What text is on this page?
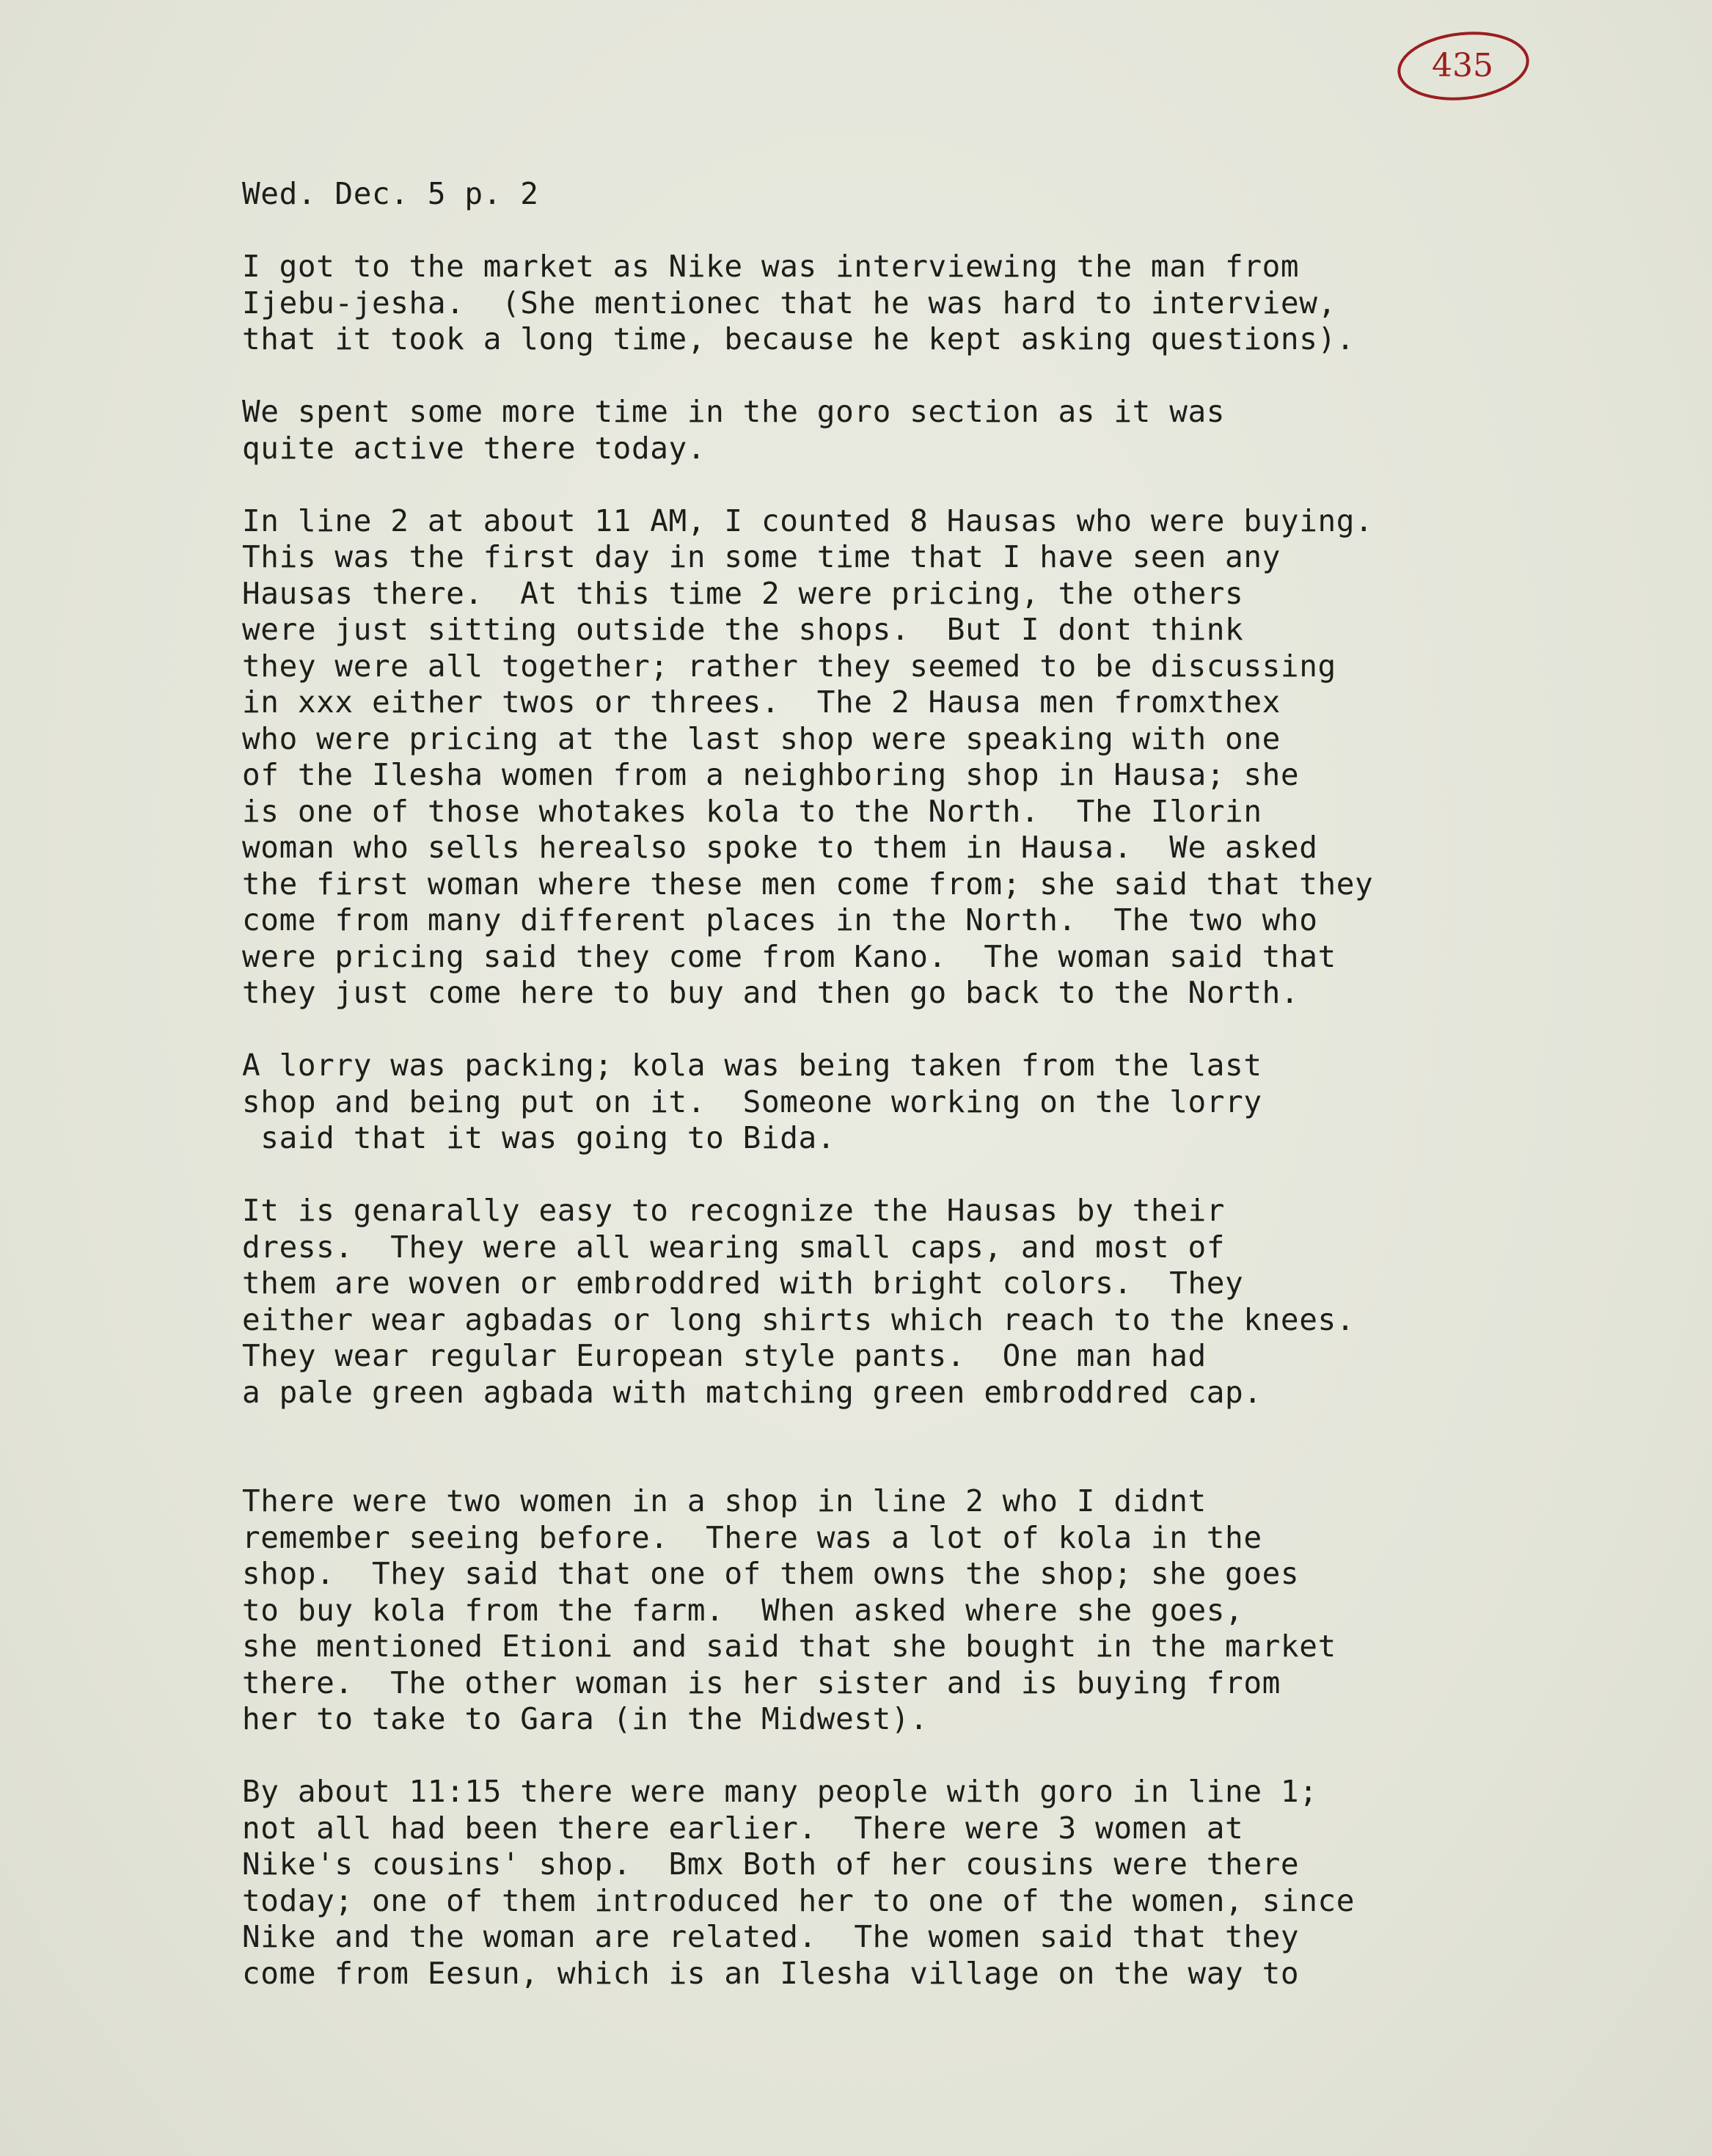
435
Wed. Dec. 5 p. 2
I got to the market as Nike was interviewing the man from
Ijebu-jesha.  (She mentionec that he was hard to interview,
that it took a long time, because he kept asking questions).
We spent some more time in the goro section as it was
quite active there today.
In line 2 at about 11 AM, I counted 8 Hausas who were buying.
This was the first day in some time that I have seen any
Hausas there.  At this time 2 were pricing, the others
were just sitting outside the shops.  But I dont think
they were all together; rather they seemed to be discussing
in xxx either twos or threes.  The 2 Hausa men fromxthex
who were pricing at the last shop were speaking with one
of the Ilesha women from a neighboring shop in Hausa; she
is one of those whotakes kola to the North.  The Ilorin
woman who sells herealso spoke to them in Hausa.  We asked
the first woman where these men come from; she said that they
come from many different places in the North.  The two who
were pricing said they come from Kano.  The woman said that
they just come here to buy and then go back to the North.
A lorry was packing; kola was being taken from the last
shop and being put on it.  Someone working on the lorry
said that it was going to Bida.
It is genarally easy to recognize the Hausas by their
dress.  They were all wearing small caps, and most of
them are woven or embroddred with bright colors.  They
either wear agbadas or long shirts which reach to the knees.
They wear regular European style pants.  One man had
a pale green agbada with matching green embroddred cap.
There were two women in a shop in line 2 who I didnt
remember seeing before.  There was a lot of kola in the
shop.  They said that one of them owns the shop; she goes
to buy kola from the farm.  When asked where she goes,
she mentioned Etioni and said that she bought in the market
there.  The other woman is her sister and is buying from
her to take to Gara (in the Midwest).
By about 11:15 there were many people with goro in line 1;
not all had been there earlier.  There were 3 women at
Nike's cousins' shop.  Bmx Both of her cousins were there
today; one of them introduced her to one of the women, since
Nike and the woman are related.  The women said that they
come from Eesun, which is an Ilesha village on the way to
